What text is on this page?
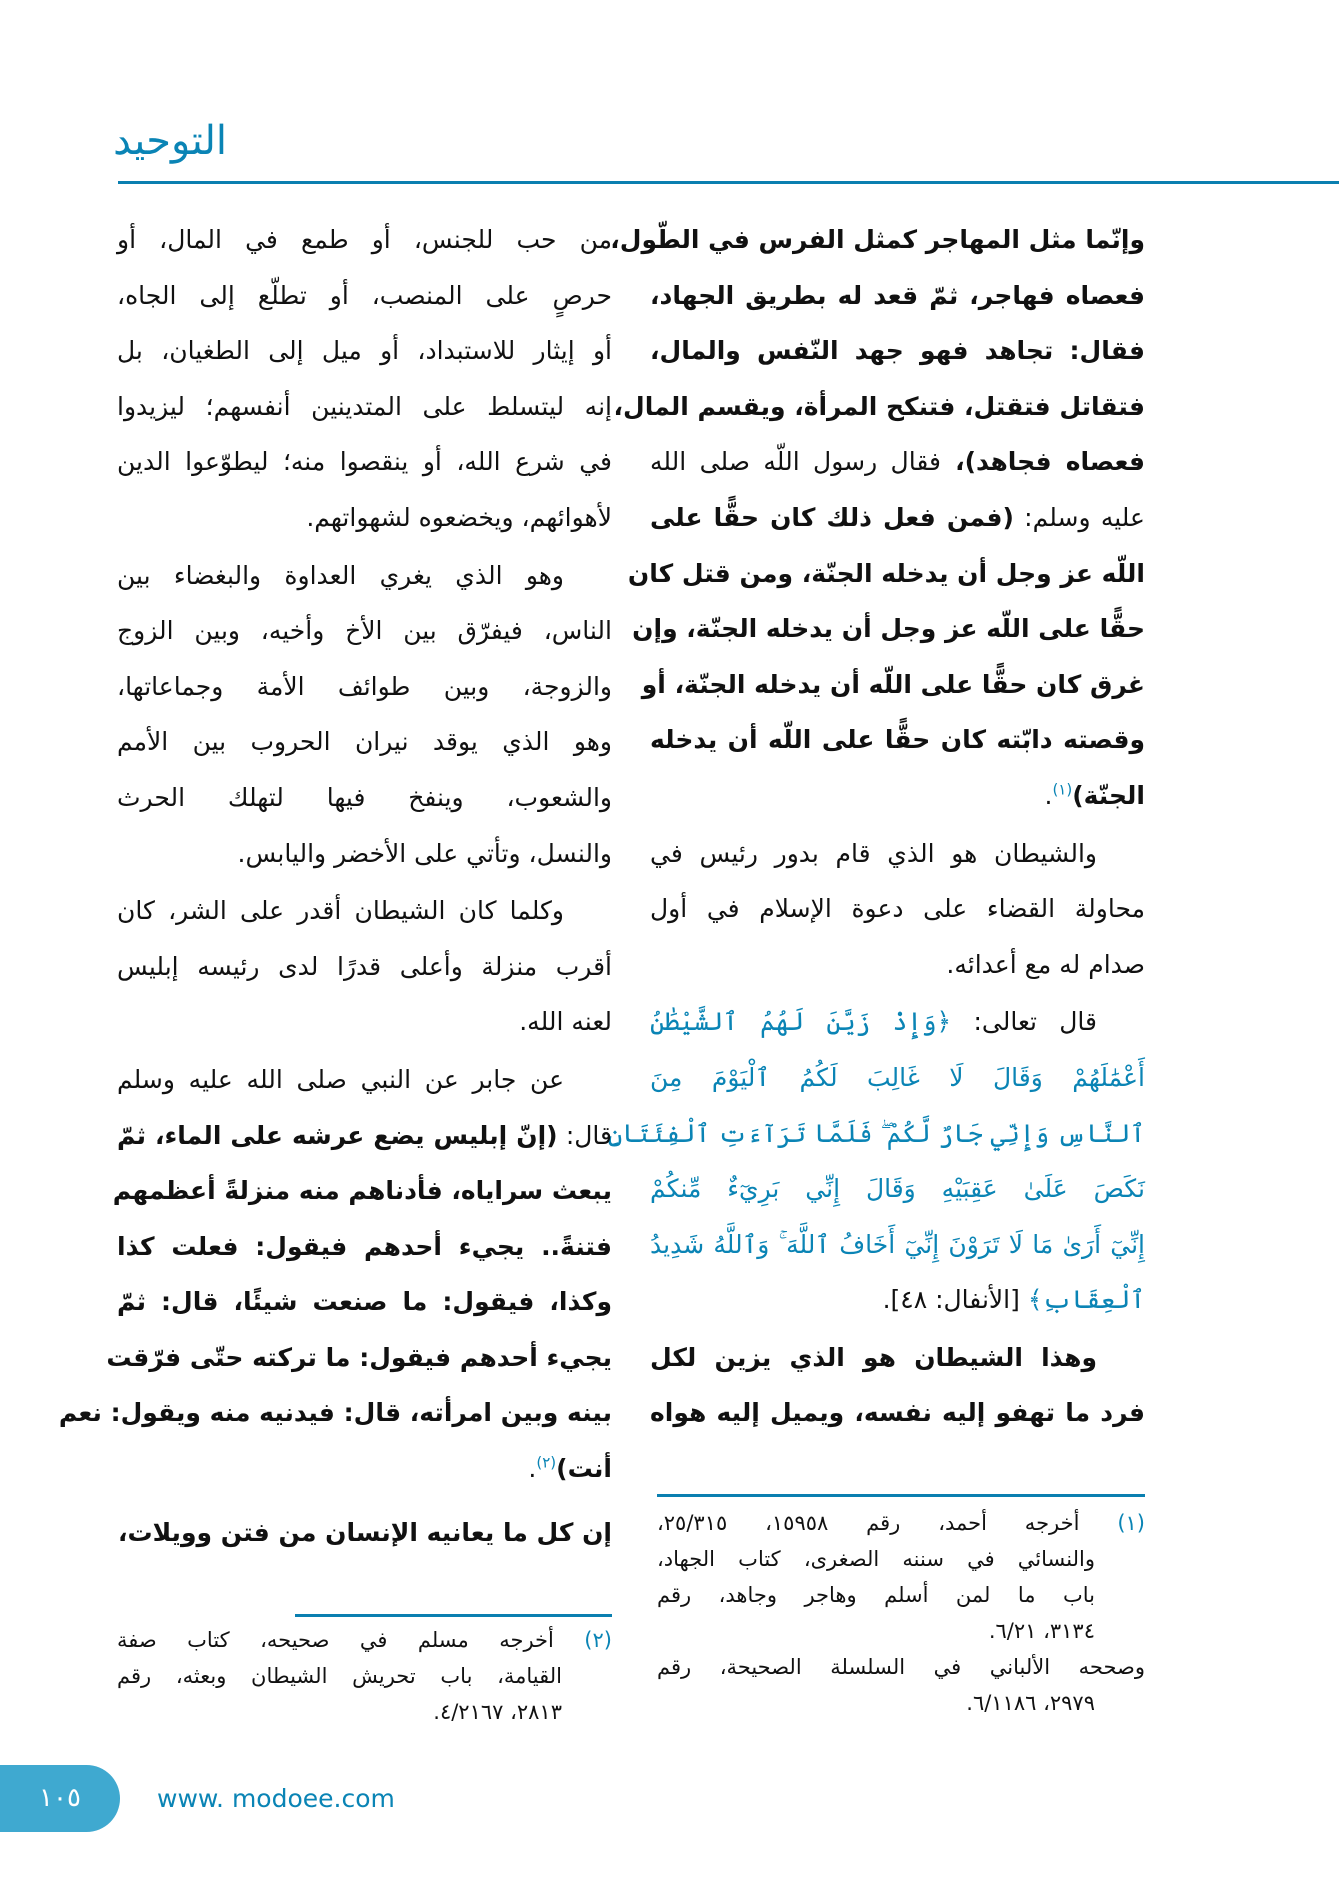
التوحيد
وإنّما مثل المهاجر كمثل الفرس في الطّول،
فعصاه فهاجر، ثمّ قعد له بطريق الجهاد،
فقال: تجاهد فهو جهد النّفس والمال،
فتقاتل فتقتل، فتنكح المرأة، ويقسم المال،
فعصاه فجاهد)، فقال رسول اللّه صلى الله
عليه وسلم: (فمن فعل ذلك كان حقًّا على
اللّه عز وجل أن يدخله الجنّة، ومن قتل كان
حقًّا على اللّه عز وجل أن يدخله الجنّة، وإن
غرق كان حقًّا على اللّه أن يدخله الجنّة، أو
وقصته دابّته كان حقًّا على اللّه أن يدخله
الجنّة)$^{(١)}$.
والشيطان هو الذي قام بدور رئيس في
محاولة القضاء على دعوة الإسلام في أول
صدام له مع أعدائه.
قال تعالى: ﴿وَإِذْ زَيَّنَ لَهُمُ ٱلشَّيْطَٰنُ
أَعْمَٰلَهُمْ وَقَالَ لَا غَالِبَ لَكُمُ ٱلْيَوْمَ مِنَ
ٱلنَّاسِ وَإِنِّي جَارٌ لَّكُمْ ۖ فَلَمَّا تَرَآءَتِ ٱلْفِئَتَانِ
نَكَصَ عَلَىٰ عَقِبَيْهِ وَقَالَ إِنِّي بَرِيٓءٌ مِّنكُمْ
إِنِّيٓ أَرَىٰ مَا لَا تَرَوْنَ إِنِّيٓ أَخَافُ ٱللَّهَ ۚ وَٱللَّهُ شَدِيدُ
ٱلْعِقَابِ﴾ [الأنفال: ٤٨].
وهذا الشيطان هو الذي يزين لكل
فرد ما تهفو إليه نفسه، ويميل إليه هواه
من حب للجنس، أو طمع في المال، أو
حرصٍ على المنصب، أو تطلّع إلى الجاه،
أو إيثار للاستبداد، أو ميل إلى الطغيان، بل
إنه ليتسلط على المتدينين أنفسهم؛ ليزيدوا
في شرع الله، أو ينقصوا منه؛ ليطوّعوا الدين
لأهوائهم، ويخضعوه لشهواتهم.
وهو الذي يغري العداوة والبغضاء بين
الناس، فيفرّق بين الأخ وأخيه، وبين الزوج
والزوجة، وبين طوائف الأمة وجماعاتها،
وهو الذي يوقد نيران الحروب بين الأمم
والشعوب، وينفخ فيها لتهلك الحرث
والنسل، وتأتي على الأخضر واليابس.
وكلما كان الشيطان أقدر على الشر، كان
أقرب منزلة وأعلى قدرًا لدى رئيسه إبليس
لعنه الله.
عن جابر عن النبي صلى الله عليه وسلم
قال: (إنّ إبليس يضع عرشه على الماء، ثمّ
يبعث سراياه، فأدناهم منه منزلةً أعظمهم
فتنةً.. يجيء أحدهم فيقول: فعلت كذا
وكذا، فيقول: ما صنعت شيئًا، قال: ثمّ
يجيء أحدهم فيقول: ما تركته حتّى فرّقت
بينه وبين امرأته، قال: فيدنيه منه ويقول: نعم
أنت)$^{(٢)}$.
إن كل ما يعانيه الإنسان من فتن وويلات،	(١) أخرجه أحمد، رقم ١٥٩٥٨، ٢٥/٣١٥،
والنسائي في سننه الصغرى، كتاب الجهاد،
باب ما لمن أسلم وهاجر وجاهد، رقم
٣١٣٤، ٦/٢١.
وصححه الألباني في السلسلة الصحيحة، رقم
٢٩٧٩، ٦/١١٨٦.
(٢) أخرجه مسلم في صحيحه، كتاب صفة
القيامة، باب تحريش الشيطان وبعثه، رقم
٢٨١٣، ٤/٢١٦٧.
١٠٥	www. modoee.com
